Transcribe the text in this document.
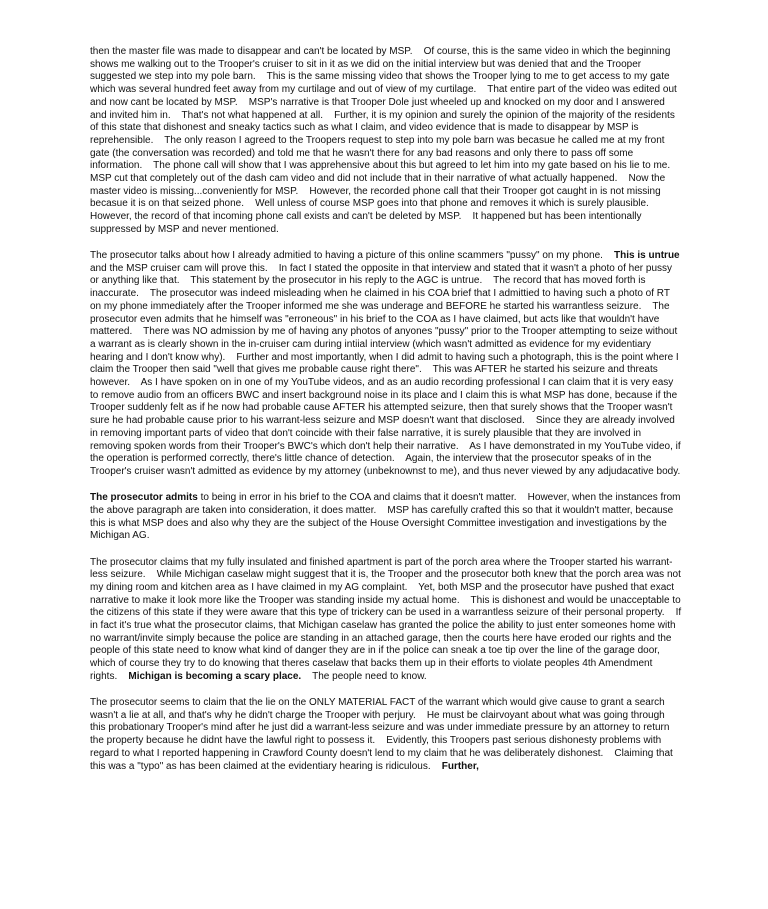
then the master file was made to disappear and can't be located by MSP.    Of course, this is the same video in which the beginning shows me walking out to the Trooper's cruiser to sit in it as we did on the initial interview but was denied that and the Trooper suggested we step into my pole barn.    This is the same missing video that shows the Trooper lying to me to get access to my gate which was several hundred feet away from my curtilage and out of view of my curtilage.    That entire part of the video was edited out and now cant be located by MSP.    MSP's narrative is that Trooper Dole just wheeled up and knocked on my door and I answered and invited him in.    That's not what happened at all.    Further, it is my opinion and surely the opinion of the majority of the residents of this state that dishonest and sneaky tactics such as what I claim, and video evidence that is made to disappear by MSP is reprehensible.    The only reason I agreed to the Troopers request to step into my pole barn was becasue he called me at my front gate (the conversation was recorded) and told me that he wasn't there for any bad reasons and only there to pass off some information.    The phone call will show that I was apprehensive about this but agreed to let him into my gate based on his lie to me.    MSP cut that completely out of the dash cam video and did not include that in their narrative of what actually happened.    Now the master video is missing...conveniently for MSP.    However, the recorded phone call that their Trooper got caught in is not missing becasue it is on that seized phone.    Well unless of course MSP goes into that phone and removes it which is surely plausible.    However, the record of that incoming phone call exists and can't be deleted by MSP.    It happened but has been intentionally suppressed by MSP and never mentioned.

The prosecutor talks about how I already admitied to having a picture of this online scammers "pussy" on my phone.    This is untrue and the MSP cruiser cam will prove this.    In fact I stated the opposite in that interview and stated that it wasn't a photo of her pussy or anything like that.    This statement by the prosecutor in his reply to the AGC is untrue.    The record that has moved forth is inaccurate.    The prosecutor was indeed misleading when he claimed in his COA brief that I admittied to having such a photo of RT on my phone immediately after the Trooper informed me she was underage and BEFORE he started his warrantless seizure.    The prosecutor even admits that he himself was "erroneous" in his brief to the COA as I have claimed, but acts like that wouldn't have mattered.    There was NO admission by me of having any photos of anyones "pussy" prior to the Trooper attempting to seize without a warrant as is clearly shown in the in-cruiser cam during intiial interview (which wasn't admitted as evidence for my evidentiary hearing and I don't know why).    Further and most importantly, when I did admit to having such a photograph, this is the point where I claim the Trooper then said "well that gives me probable cause right there".    This was AFTER he started his seizure and threats however.    As I have spoken on in one of my YouTube videos, and as an audio recording professional I can claim that it is very easy to remove audio from an officers BWC and insert background noise in its place and I claim this is what MSP has done, because if the Trooper suddenly felt as if he now had probable cause AFTER his attempted seizure, then that surely shows that the Trooper wasn't sure he had probable cause prior to his warrant-less seizure and MSP doesn't want that disclosed.    Since they are already involved in removing important parts of video that don't coincide with their false narrative, it is surely plausible that they are involved in removing spoken words from their Trooper's BWC's which don't help their narrative.    As I have demonstrated in my YouTube video, if the operation is performed correctly, there's little chance of detection.    Again, the interview that the prosecutor speaks of in the Trooper's cruiser wasn't admitted as evidence by my attorney (unbeknownst to me), and thus never viewed by any adjudacative body.

The prosecutor admits to being in error in his brief to the COA and claims that it doesn't matter.    However, when the instances from the above paragraph are taken into consideration, it does matter.    MSP has carefully crafted this so that it wouldn't matter, because this is what MSP does and also why they are the subject of the House Oversight Committee investigation and investigations by the Michigan AG.

The prosecutor claims that my fully insulated and finished apartment is part of the porch area where the Trooper started his warrant-less seizure.    While Michigan caselaw might suggest that it is, the Trooper and the prosecutor both knew that the porch area was not my dining room and kitchen area as I have claimed in my AG complaint.    Yet, both MSP and the prosecutor have pushed that exact narrative to make it look more like the Trooper was standing inside my actual home.    This is dishonest and would be unacceptable to the citizens of this state if they were aware that this type of trickery can be used in a warrantless seizure of their personal property.    If in fact it's true what the prosecutor claims, that Michigan caselaw has granted the police the ability to just enter someones home with no warrant/invite simply because the police are standing in an attached garage, then the courts here have eroded our rights and the people of this state need to know what kind of danger they are in if the police can sneak a toe tip over the line of the garage door, which of course they try to do knowing that theres caselaw that backs them up in their efforts to violate peoples 4th Amendment rights.    Michigan is becoming a scary place.    The people need to know.

The prosecutor seems to claim that the lie on the ONLY MATERIAL FACT of the warrant which would give cause to grant a search wasn't a lie at all, and that's why he didn't charge the Trooper with perjury.    He must be clairvoyant about what was going through this probationary Trooper's mind after he just did a warrant-less seizure and was under immediate pressure by an attorney to return the property because he didnt have the lawful right to possess it.    Evidently, this Troopers past serious dishonesty problems with regard to what I reported happening in Crawford County doesn't lend to my claim that he was deliberately dishonest.    Claiming that this was a "typo" as has been claimed at the evidentiary hearing is ridiculous.    Further,
